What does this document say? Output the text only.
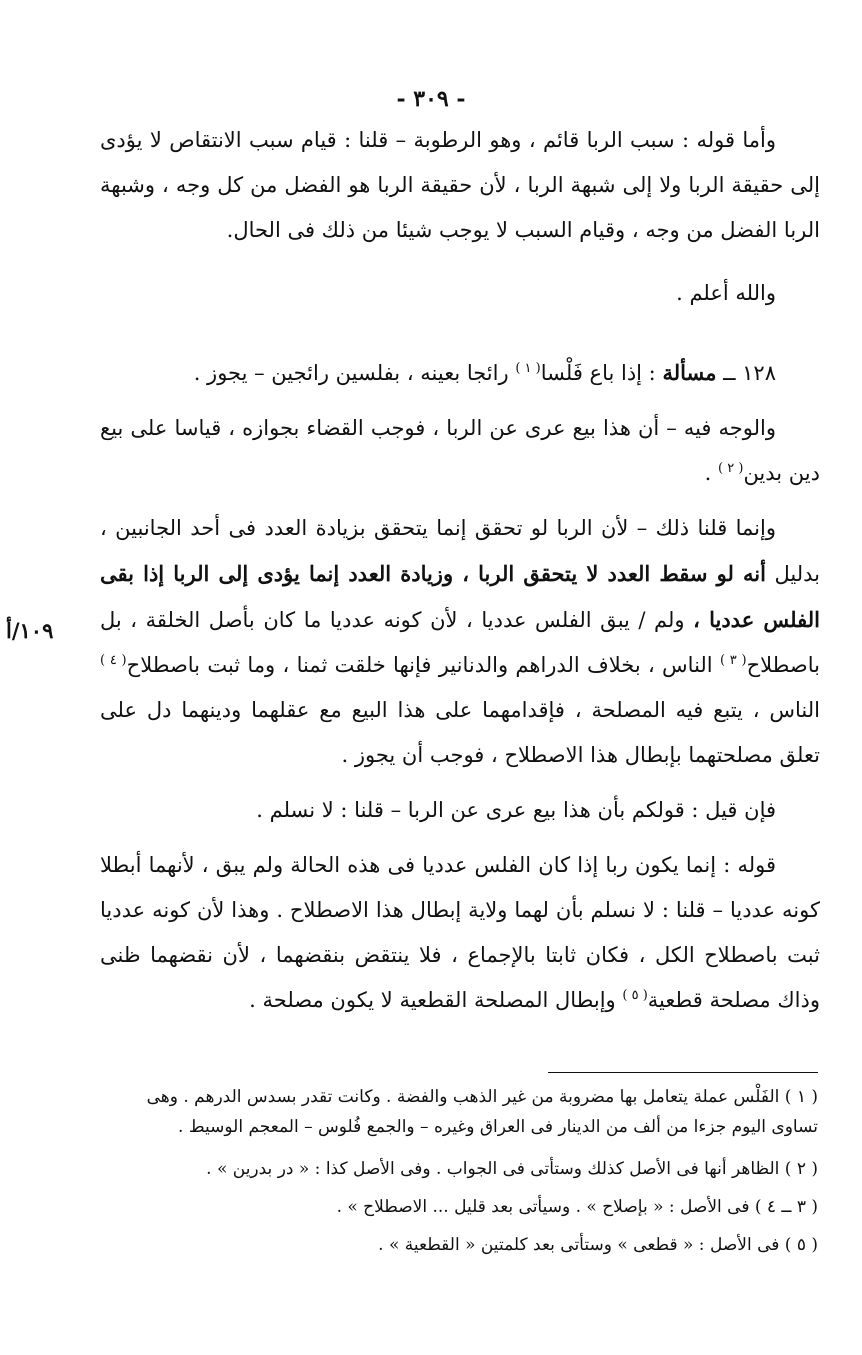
- ٣٠٩ -
١٠٩/أ

وأما قوله : سبب الربا قائم ، وهو الرطوبة – قلنا : قيام سبب الانتقاص لا يؤدى إلى حقيقة الربا ولا إلى شبهة الربا ، لأن حقيقة الربا هو الفضل من كل وجه ، وشبهة الربا الفضل من وجه ، وقيام السبب لا يوجب شيئا من ذلك فى الحال.

والله أعلم .

١٢٨ ــ مسألة : إذا باع فَلْسا$^{( ١ )}$ رائجا بعينه ، بفلسين رائجين – يجوز .

والوجه فيه – أن هذا بيع عرى عن الربا ، فوجب القضاء بجوازه ، قياسا على بيع دين بدين$^{( ٢ )}$ .

وإنما قلنا ذلك – لأن الربا لو تحقق إنما يتحقق بزيادة العدد فى أحد الجانبين ، بدليل أنه لو سقط العدد لا يتحقق الربا ، وزيادة العدد إنما يؤدى إلى الربا إذا بقى الفلس عدديا ، ولم / يبق الفلس عدديا ، لأن كونه عدديا ما كان بأصل الخلقة ، بل باصطلاح$^{( ٣ )}$ الناس ، بخلاف الدراهم والدنانير فإنها خلقت ثمنا ، وما ثبت باصطلاح$^{( ٤ )}$ الناس ، يتبع فيه المصلحة ، فإقدامهما على هذا البيع مع عقلهما ودينهما دل على تعلق مصلحتهما بإبطال هذا الاصطلاح ، فوجب أن يجوز .

فإن قيل : قولكم بأن هذا بيع عرى عن الربا – قلنا : لا نسلم .

قوله : إنما يكون ربا إذا كان الفلس عدديا فى هذه الحالة ولم يبق ، لأنهما أبطلا كونه عدديا – قلنا : لا نسلم بأن لهما ولاية إبطال هذا الاصطلاح . وهذا لأن كونه عدديا ثبت باصطلاح الكل ، فكان ثابتا بالإجماع ، فلا ينتقض بنقضهما ، لأن نقضهما ظنى وذاك مصلحة قطعية$^{( ٥ )}$ وإبطال المصلحة القطعية لا يكون مصلحة .

( ١ ) الفَلْس عملة يتعامل بها مضروبة من غير الذهب والفضة . وكانت تقدر بسدس الدرهم . وهى تساوى اليوم جزءا من ألف من الدينار فى العراق وغيره – والجمع فُلوس – المعجم الوسيط .

( ٢ ) الظاهر أنها فى الأصل كذلك وستأتى فى الجواب . وفى الأصل كذا : « در بدرين » .

( ٣ ــ ٤ ) فى الأصل : « بإصلاح » . وسيأتى بعد قليل ... الاصطلاح » .

( ٥ ) فى الأصل : « قطعى » وستأتى بعد كلمتين « القطعية » .
